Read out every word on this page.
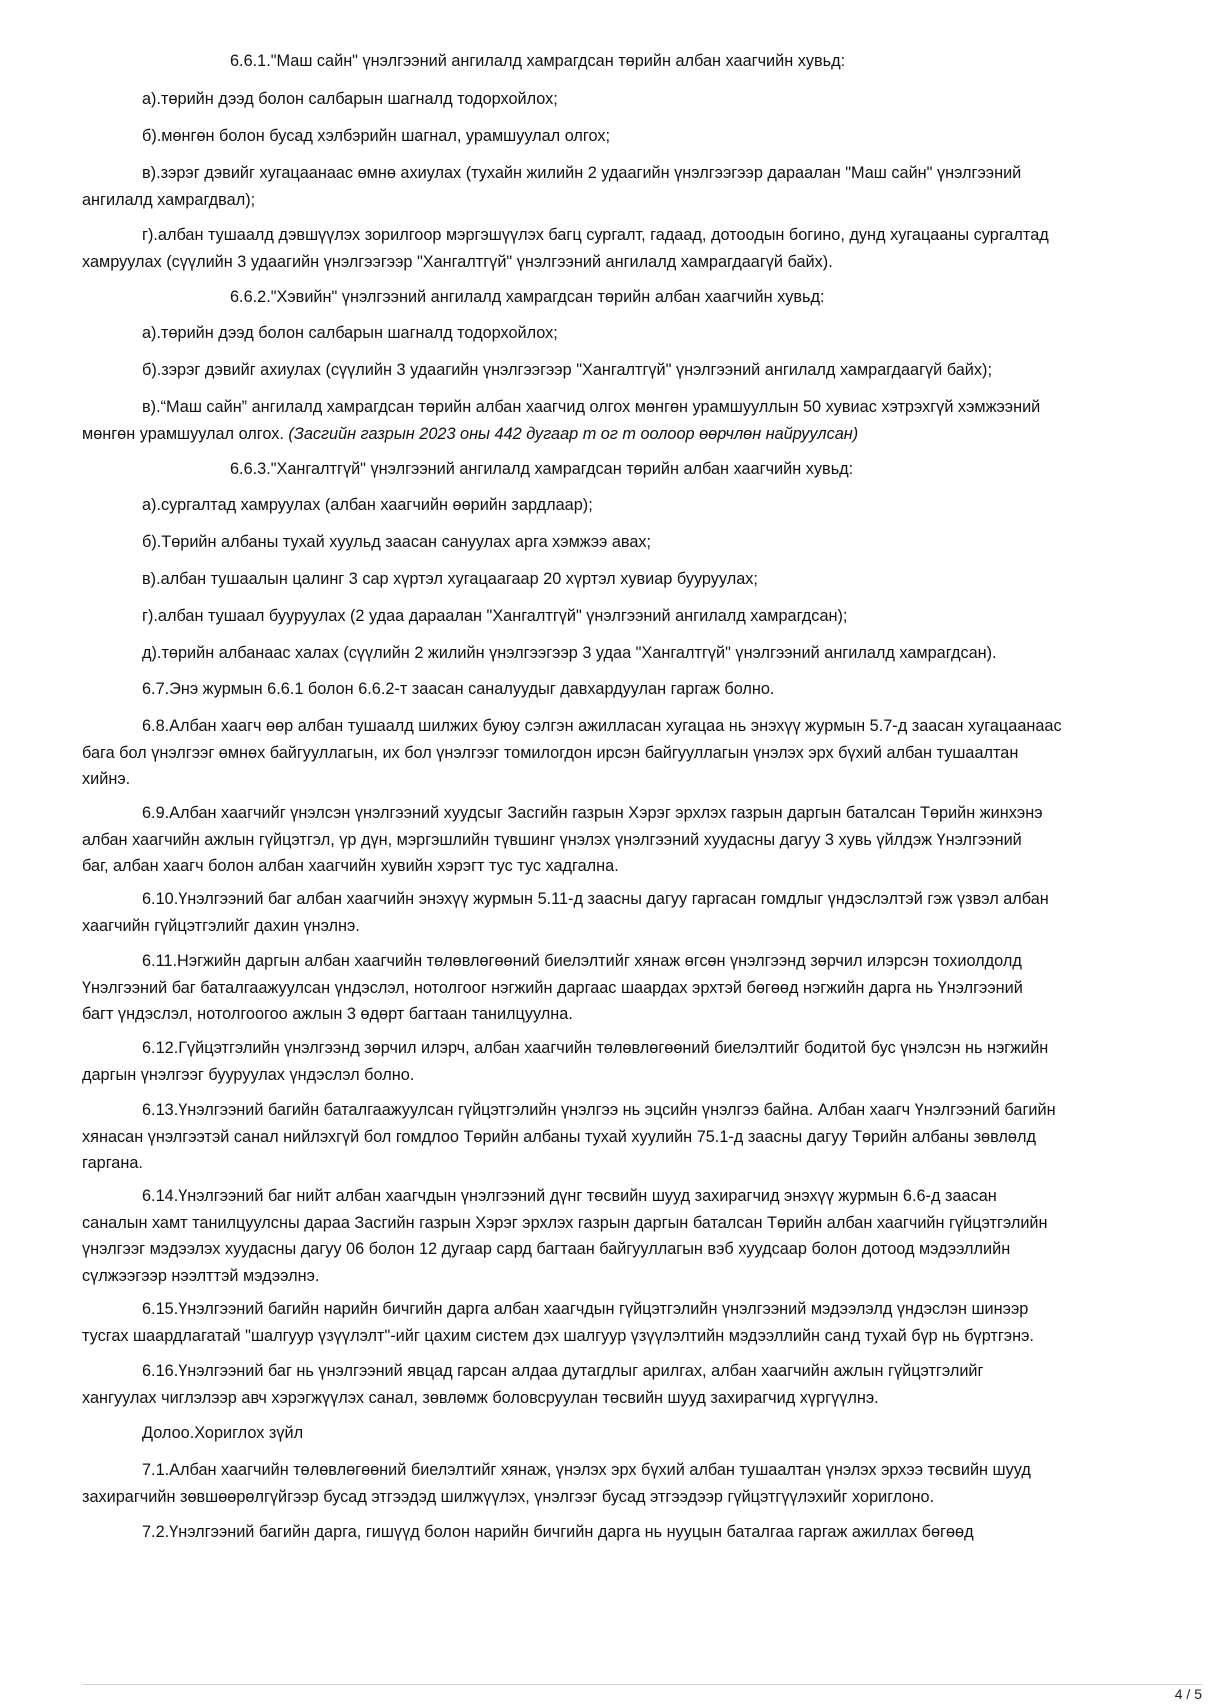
6.6.1."Маш сайн" үнэлгээний ангилалд хамрагдсан төрийн албан хаагчийн хувьд:

а).төрийн дээд болон салбарын шагналд тодорхойлох;

б).мөнгөн болон бусад хэлбэрийн шагнал, урамшуулал олгох;

в).зэрэг дэвийг хугацаанаас өмнө ахиулах (тухайн жилийн 2 удаагийн үнэлгээгээр дараалан "Маш сайн" үнэлгээний
ангилалд хамрагдвал);

г).албан тушаалд дэвшүүлэх зорилгоор мэргэшүүлэх багц сургалт, гадаад, дотоодын богино, дунд хугацааны сургалтад
хамруулах (сүүлийн 3 удаагийн үнэлгээгээр "Хангалтгүй" үнэлгээний ангилалд хамрагдаагүй байх).

6.6.2."Хэвийн" үнэлгээний ангилалд хамрагдсан төрийн албан хаагчийн хувьд:

а).төрийн дээд болон салбарын шагналд тодорхойлох;

б).зэрэг дэвийг ахиулах (сүүлийн 3 удаагийн үнэлгээгээр "Хангалтгүй" үнэлгээний ангилалд хамрагдаагүй байх);

в).“Маш сайн” ангилалд хамрагдсан төрийн албан хаагчид олгох мөнгөн урамшууллын 50 хувиас хэтрэхгүй хэмжээний
мөнгөн урамшуулал олгох. (Засгийн газрын 2023 оны 442 дугаар т ог т оолоор өөрчлөн найруулсан)

6.6.3."Хангалтгүй" үнэлгээний ангилалд хамрагдсан төрийн албан хаагчийн хувьд:

а).сургалтад хамруулах (албан хаагчийн өөрийн зардлаар);

б).Төрийн албаны тухай хуульд заасан сануулах арга хэмжээ авах;

в).албан тушаалын цалинг 3 сар хүртэл хугацаагаар 20 хүртэл хувиар бууруулах;

г).албан тушаал бууруулах (2 удаа дараалан "Хангалтгүй" үнэлгээний ангилалд хамрагдсан);

д).төрийн албанаас халах (сүүлийн 2 жилийн үнэлгээгээр 3 удаа "Хангалтгүй" үнэлгээний ангилалд хамрагдсан).

6.7.Энэ журмын 6.6.1 болон 6.6.2-т заасан саналуудыг давхардуулан гаргаж болно.

6.8.Албан хаагч өөр албан тушаалд шилжих буюу сэлгэн ажилласан хугацаа нь энэхүү журмын 5.7-д заасан хугацаанаас
бага бол үнэлгээг өмнөх байгууллагын, их бол үнэлгээг томилогдон ирсэн байгууллагын үнэлэх эрх бүхий албан тушаалтан
хийнэ.

6.9.Албан хаагчийг үнэлсэн үнэлгээний хуудсыг Засгийн газрын Хэрэг эрхлэх газрын даргын баталсан Төрийн жинхэнэ
албан хаагчийн ажлын гүйцэтгэл, үр дүн, мэргэшлийн түвшинг үнэлэх үнэлгээний хуудасны дагуу 3 хувь үйлдэж Үнэлгээний
баг, албан хаагч болон албан хаагчийн хувийн хэрэгт тус тус хадгална.

6.10.Үнэлгээний баг албан хаагчийн энэхүү журмын 5.11-д заасны дагуу гаргасан гомдлыг үндэслэлтэй гэж үзвэл албан
хаагчийн гүйцэтгэлийг дахин үнэлнэ.

6.11.Нэгжийн даргын албан хаагчийн төлөвлөгөөний биелэлтийг хянаж өгсөн үнэлгээнд зөрчил илэрсэн тохиолдолд
Үнэлгээний баг баталгаажуулсан үндэслэл, нотолгоог нэгжийн даргаас шаардах эрхтэй бөгөөд нэгжийн дарга нь Үнэлгээний
багт үндэслэл, нотолгоогоо ажлын 3 өдөрт багтаан танилцуулна.

6.12.Гүйцэтгэлийн үнэлгээнд зөрчил илэрч, албан хаагчийн төлөвлөгөөний биелэлтийг бодитой бус үнэлсэн нь нэгжийн
даргын үнэлгээг бууруулах үндэслэл болно.

6.13.Үнэлгээний багийн баталгаажуулсан гүйцэтгэлийн үнэлгээ нь эцсийн үнэлгээ байна. Албан хаагч Үнэлгээний багийн
хянасан үнэлгээтэй санал нийлэхгүй бол гомдлоо Төрийн албаны тухай хуулийн 75.1-д заасны дагуу Төрийн албаны зөвлөлд
гаргана.

6.14.Үнэлгээний баг нийт албан хаагчдын үнэлгээний дүнг төсвийн шууд захирагчид энэхүү журмын 6.6-д заасан
саналын хамт танилцуулсны дараа Засгийн газрын Хэрэг эрхлэх газрын даргын баталсан Төрийн албан хаагчийн гүйцэтгэлийн
үнэлгээг мэдээлэх хуудасны дагуу 06 болон 12 дугаар сард багтаан байгууллагын вэб хуудсаар болон дотоод мэдээллийн
сүлжээгээр нээлттэй мэдээлнэ.

6.15.Үнэлгээний багийн нарийн бичгийн дарга албан хаагчдын гүйцэтгэлийн үнэлгээний мэдээлэлд үндэслэн шинээр
тусгах шаардлагатай "шалгуур үзүүлэлт"-ийг цахим систем дэх шалгуур үзүүлэлтийн мэдээллийн санд тухай бүр нь бүртгэнэ.

6.16.Үнэлгээний баг нь үнэлгээний явцад гарсан алдаа дутагдлыг арилгах, албан хаагчийн ажлын гүйцэтгэлийг
хангуулах чиглэлээр авч хэрэгжүүлэх санал, зөвлөмж боловсруулан төсвийн шууд захирагчид хүргүүлнэ.

Долоо.Хориглох зүйл

7.1.Албан хаагчийн төлөвлөгөөний биелэлтийг хянаж, үнэлэх эрх бүхий албан тушаалтан үнэлэх эрхээ төсвийн шууд
захирагчийн зөвшөөрөлгүйгээр бусад этгээдэд шилжүүлэх, үнэлгээг бусад этгээдээр гүйцэтгүүлэхийг хориглоно.

7.2.Үнэлгээний багийн дарга, гишүүд болон нарийн бичгийн дарга нь нууцын баталгаа гаргаж ажиллах бөгөөд

4 / 5
